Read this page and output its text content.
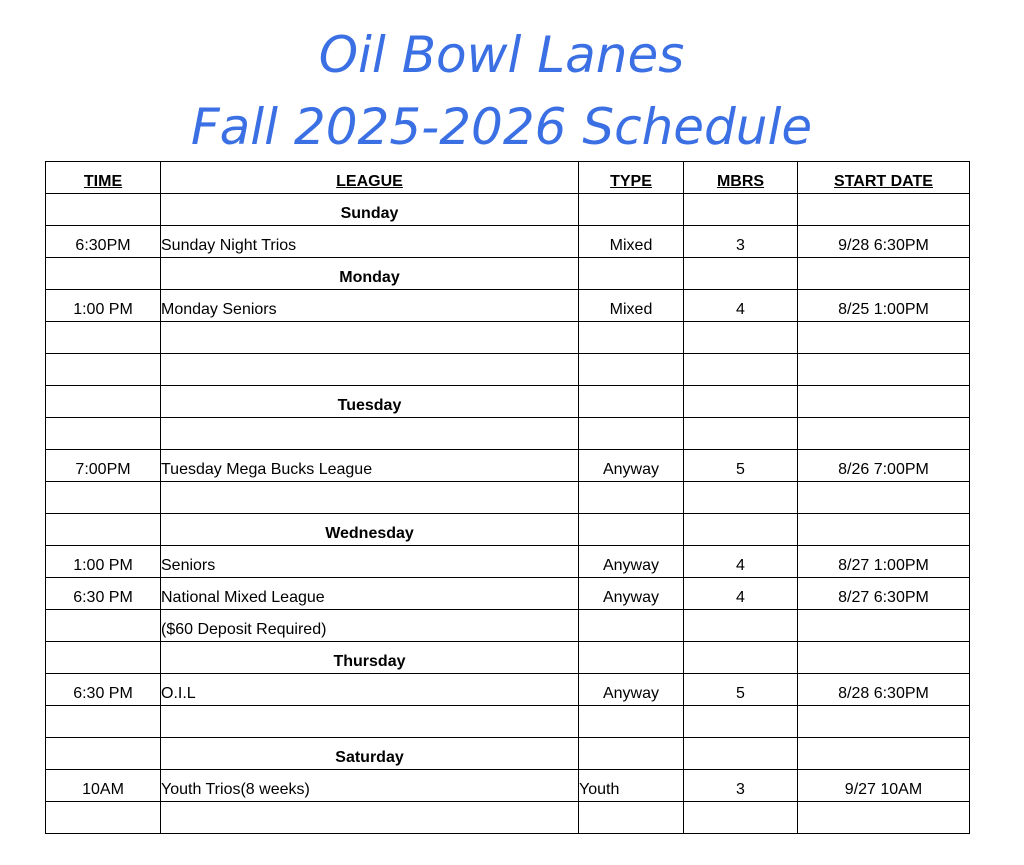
Oil Bowl Lanes
Fall 2025-2026 Schedule
TIME	LEAGUE	TYPE	MBRS	START DATE
	Sunday			
6:30PM	Sunday Night Trios	Mixed	3	9/28 6:30PM
	Monday			
1:00 PM	Monday Seniors	Mixed	4	8/25 1:00PM

	Tuesday			

7:00PM	Tuesday Mega Bucks League	Anyway	5	8/26 7:00PM

	Wednesday			
1:00 PM	Seniors	Anyway	4	8/27 1:00PM
6:30 PM	National Mixed League	Anyway	4	8/27 6:30PM
	($60 Deposit Required)			
	Thursday			
6:30 PM	O.I.L	Anyway	5	8/28 6:30PM

	Saturday			
10AM	Youth Trios(8 weeks)	Youth	3	9/27 10AM
